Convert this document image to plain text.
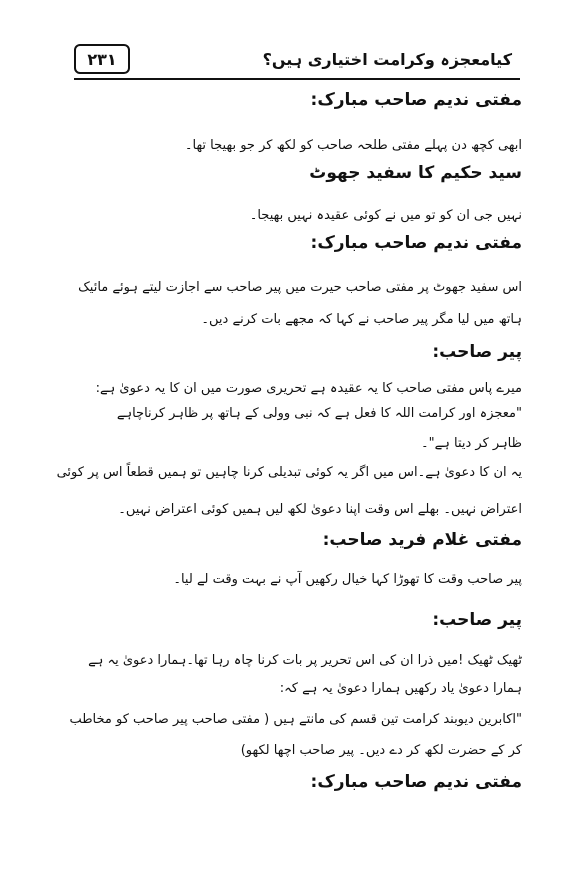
کیامعجزہ وکرامت اختیاری ہیں؟
۲۳۱
مفتی ندیم صاحب مبارک:
ابھی کچھ دن پہلے مفتی طلحہ صاحب کو لکھ کر جو بھیجا تھا۔
سید حکیم کا سفید جھوٹ
نہیں جی ان کو تو میں نے کوئی عقیدہ نہیں بھیجا۔
مفتی ندیم صاحب مبارک:
اس سفید جھوٹ پر مفتی صاحب حیرت میں پیر صاحب سے اجازت لیتے ہوئے مائیک
ہاتھ میں لیا مگر پیر صاحب نے کہا کہ مجھے بات کرنے دیں۔
پیر صاحب:
میرے پاس مفتی صاحب کا یہ عقیدہ ہے تحریری صورت میں ان کا یہ دعویٰ ہے:
"معجزہ اور کرامت اللہ کا فعل ہے کہ نبی وولی کے ہاتھ پر ظاہر کرناچاہے
ظاہر کر دیتا ہے"۔
یہ ان کا دعویٰ ہے۔اس میں اگر یہ کوئی تبدیلی کرنا چاہیں تو ہمیں قطعاً اس پر کوئی
اعتراض نہیں۔ بھلے اس وقت اپنا دعویٰ لکھ لیں ہمیں کوئی اعتراض نہیں۔
مفتی غلام فرید صاحب:
پیر صاحب وقت کا تھوڑا کہا خیال رکھیں آپ نے بہت وقت لے لیا۔
پیر صاحب:
ٹھیک ٹھیک !میں ذرا ان کی اس تحریر پر بات کرنا چاہ رہا تھا۔ہمارا دعویٰ یہ ہے
ہمارا دعویٰ یاد رکھیں ہمارا دعویٰ یہ ہے کہ:
"اکابرین دیوبند کرامت تین قسم کی مانتے ہیں ( مفتی صاحب پیر صاحب کو مخاطب
کر کے حضرت لکھ کر دے دیں۔ پیر صاحب اچھا لکھو)
مفتی ندیم صاحب مبارک:
